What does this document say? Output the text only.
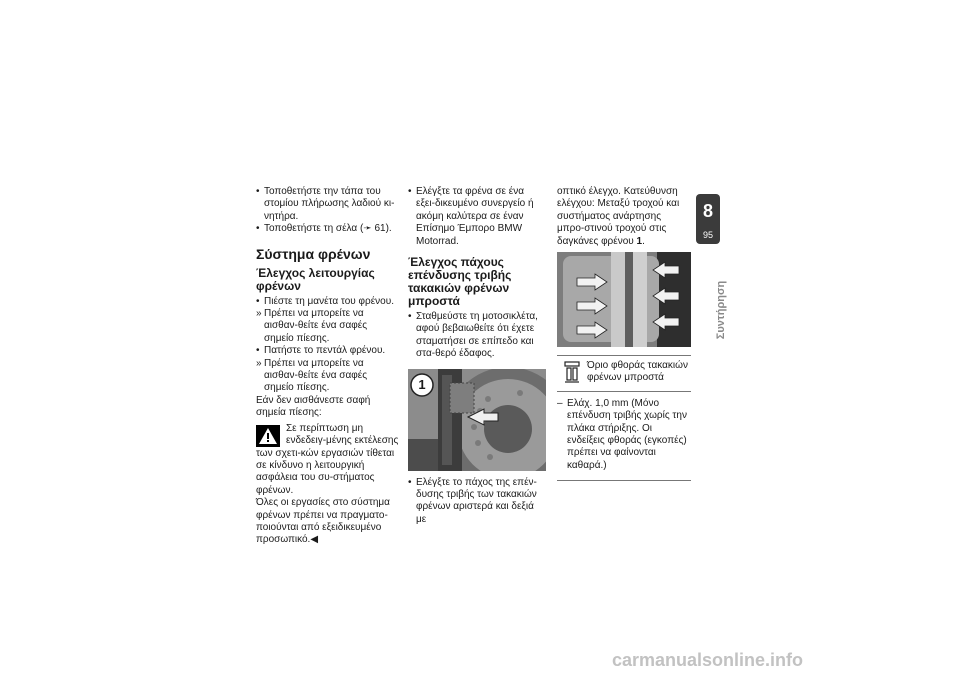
• Τοποθετήστε την τάπα του στομίου πλήρωσης λαδιού κι-νητήρα.

• Τοποθετήστε τη σέλα (➛ 61).

Σύστημα φρένων
Έλεγχος λειτουργίας φρένων

• Πιέστε τη μανέτα του φρένου.

» Πρέπει να μπορείτε να αισθαν-θείτε ένα σαφές σημείο πίεσης.

• Πατήστε το πεντάλ φρένου.

» Πρέπει να μπορείτε να αισθαν-θείτε ένα σαφές σημείο πίεσης.

Εάν δεν αισθάνεστε σαφή σημεία πίεσης:

Σε περίπτωση μη ενδεδειγ-μένης εκτέλεσης των σχετι-κών εργασιών τίθεται σε κίνδυνο η λειτουργική ασφάλεια του συ-στήματος φρένων.

Όλες οι εργασίες στο σύστημα φρένων πρέπει να πραγματο-ποιούνται από εξειδικευμένο προσωπικό.◀

• Ελέγξτε τα φρένα σε ένα εξει-δικευμένο συνεργείο ή ακόμη καλύτερα σε έναν Επίσημο Έμπορο BMW Motorrad.

Έλεγχος πάχους επένδυσης τριβής τακακιών φρένων μπροστά

• Σταθμεύστε τη μοτοσικλέτα, αφού βεβαιωθείτε ότι έχετε σταματήσει σε επίπεδο και στα-θερό έδαφος.

1

• Ελέγξτε το πάχος της επέν-δυσης τριβής των τακακιών φρένων αριστερά και δεξιά με

οπτικό έλεγχο. Κατεύθυνση ελέγχου: Μεταξύ τροχού και συστήματος ανάρτησης μπρο-στινού τροχού στις δαγκάνες φρένου 1.

Όριο φθοράς τακακιών φρένων μπροστά

– Ελάχ. 1,0 mm (Μόνο επένδυση τριβής χωρίς την πλάκα στήριξης. Οι ενδείξεις φθοράς (εγκοπές) πρέπει να φαίνονται καθαρά.)

8
95
Συντήρηση
carmanualsonline.info
